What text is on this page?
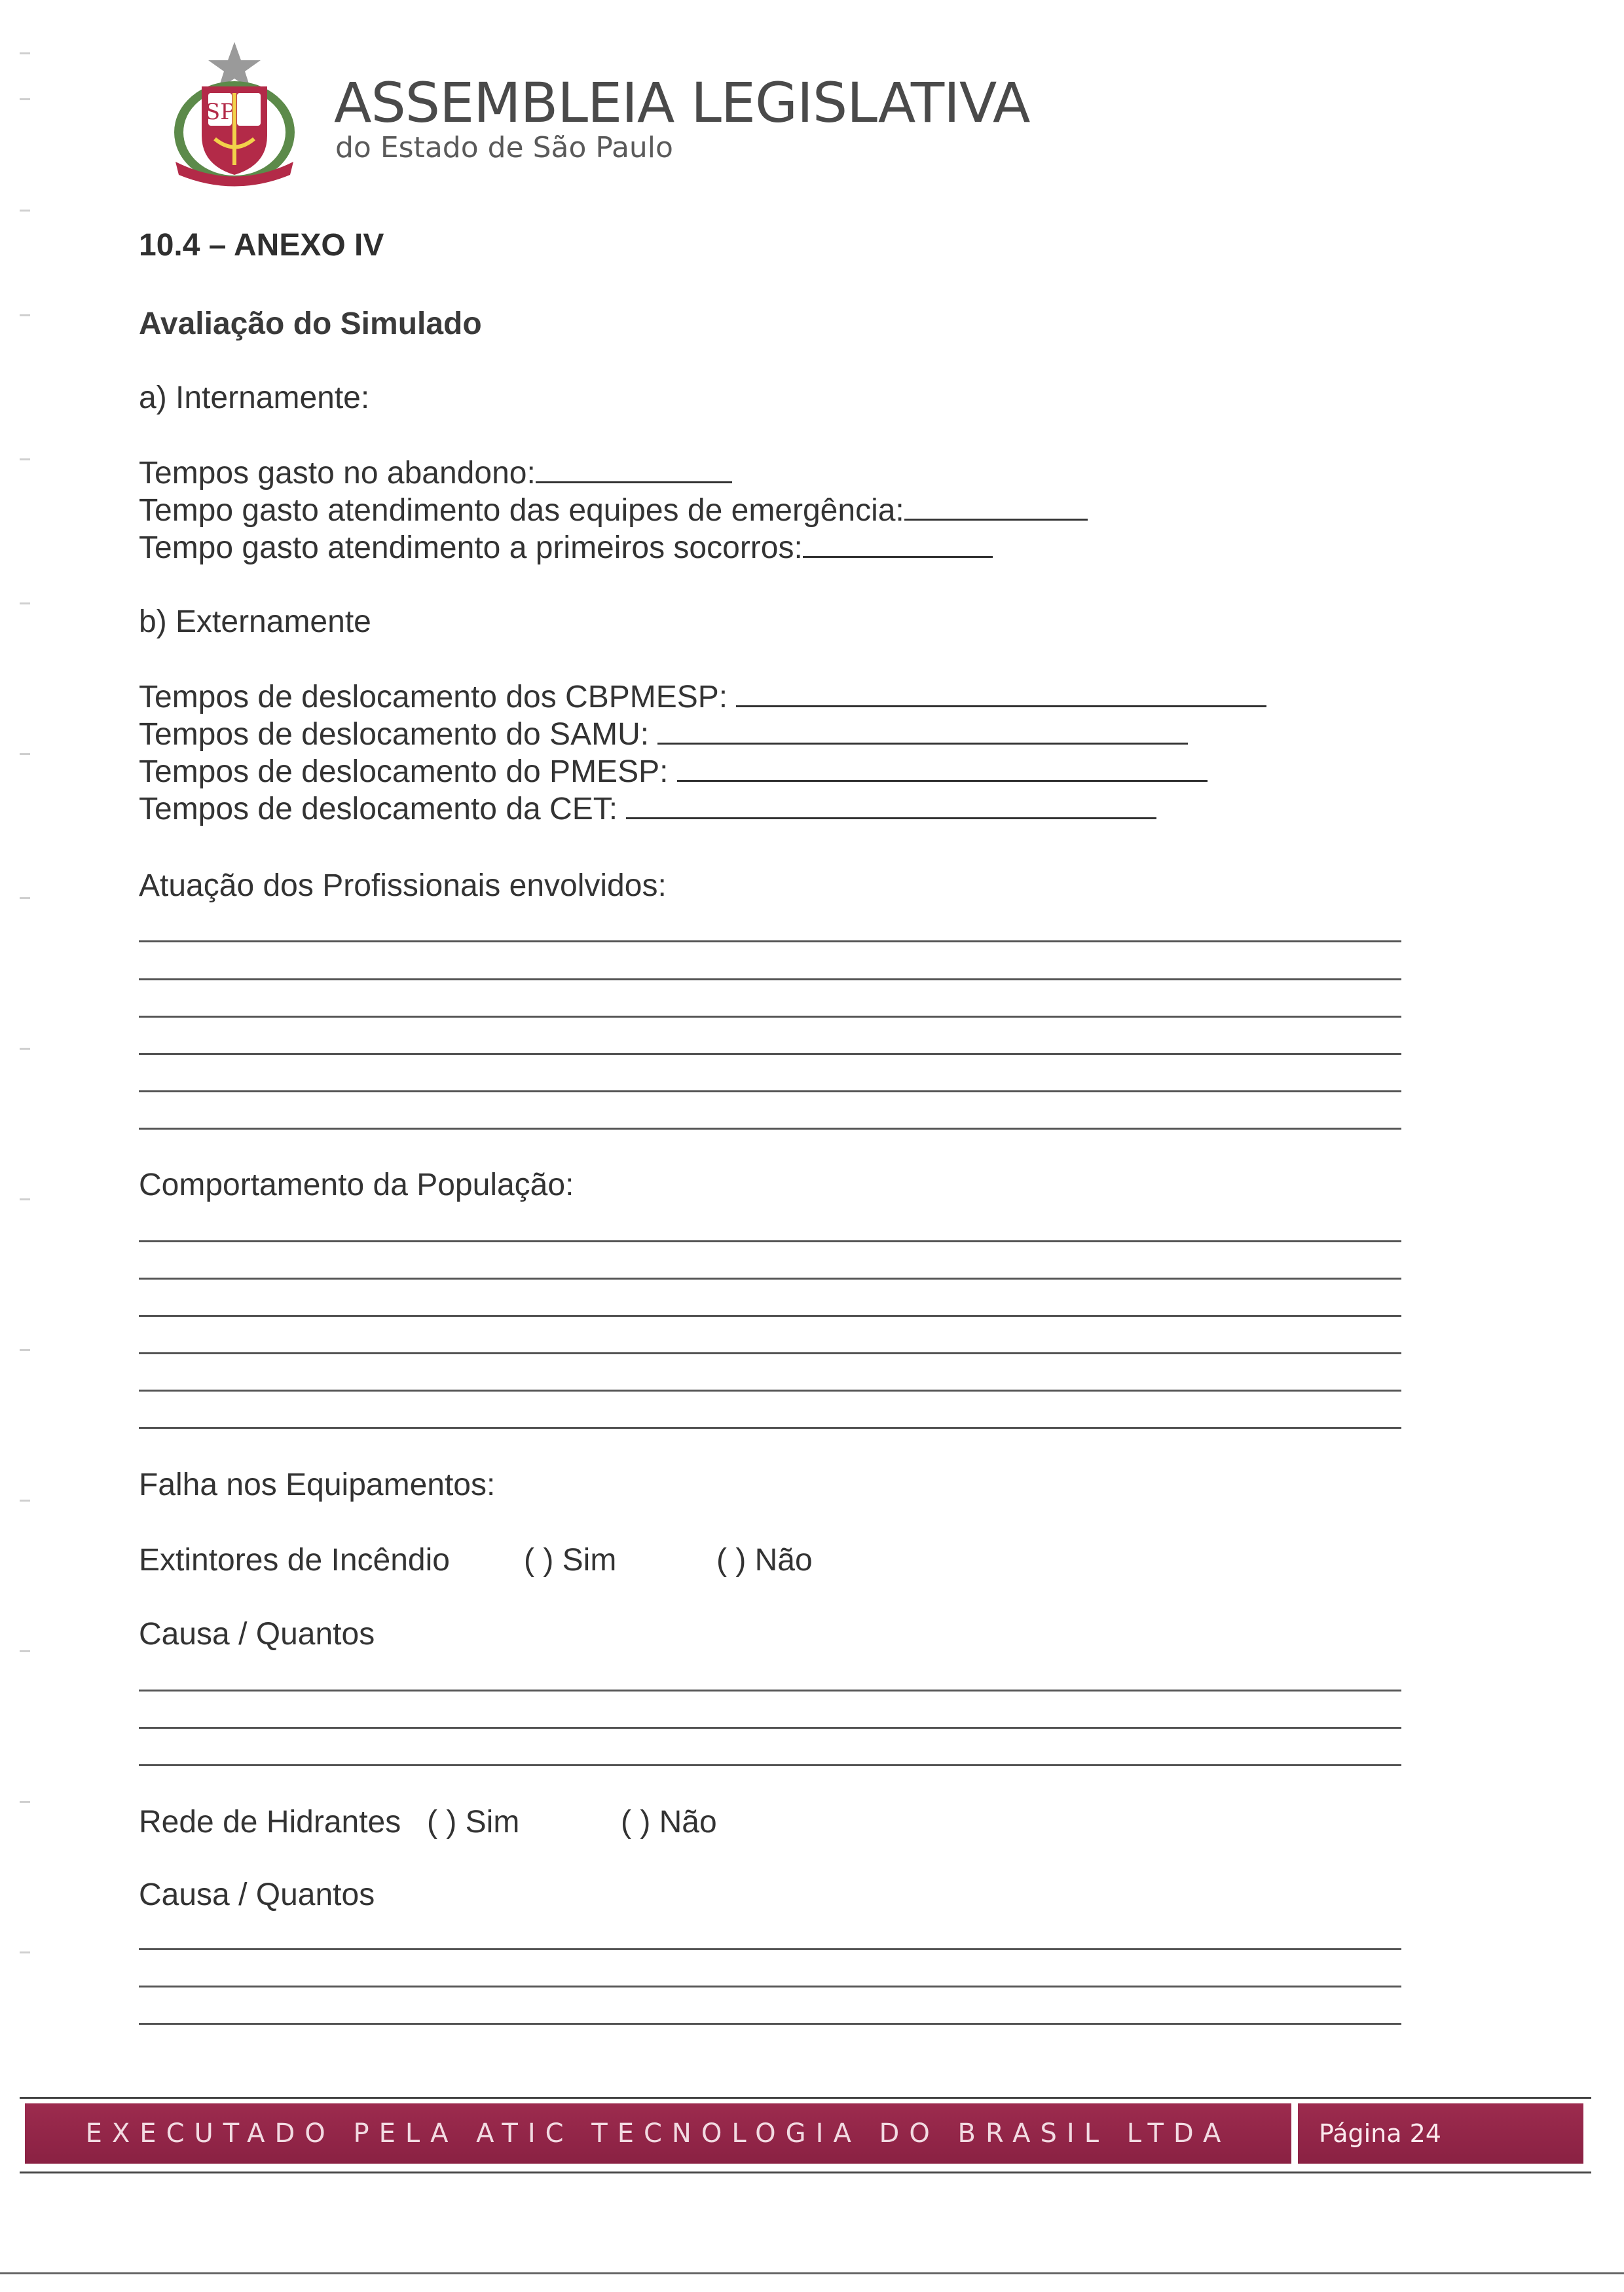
SP ASSEMBLEIA LEGISLATIVA
do Estado de São Paulo
10.4 – ANEXO IV
Avaliação do Simulado
a) Internamente:
Tempos gasto no abandono:
Tempo gasto atendimento das equipes de emergência:
Tempo gasto atendimento a primeiros socorros:
b) Externamente
Tempos de deslocamento dos CBPMESP:
Tempos de deslocamento do SAMU:
Tempos de deslocamento do PMESP:
Tempos de deslocamento da CET:
Atuação dos Profissionais envolvidos:
Comportamento da População:
Falha nos Equipamentos:
Extintores de Incêndio ( ) Sim	( ) Não
Causa / Quantos
Rede de Hidrantes ( ) Sim	( ) Não
Causa / Quantos
EXECUTADO PELA ATIC TECNOLOGIA DO BRASIL LTDA	Página 24
